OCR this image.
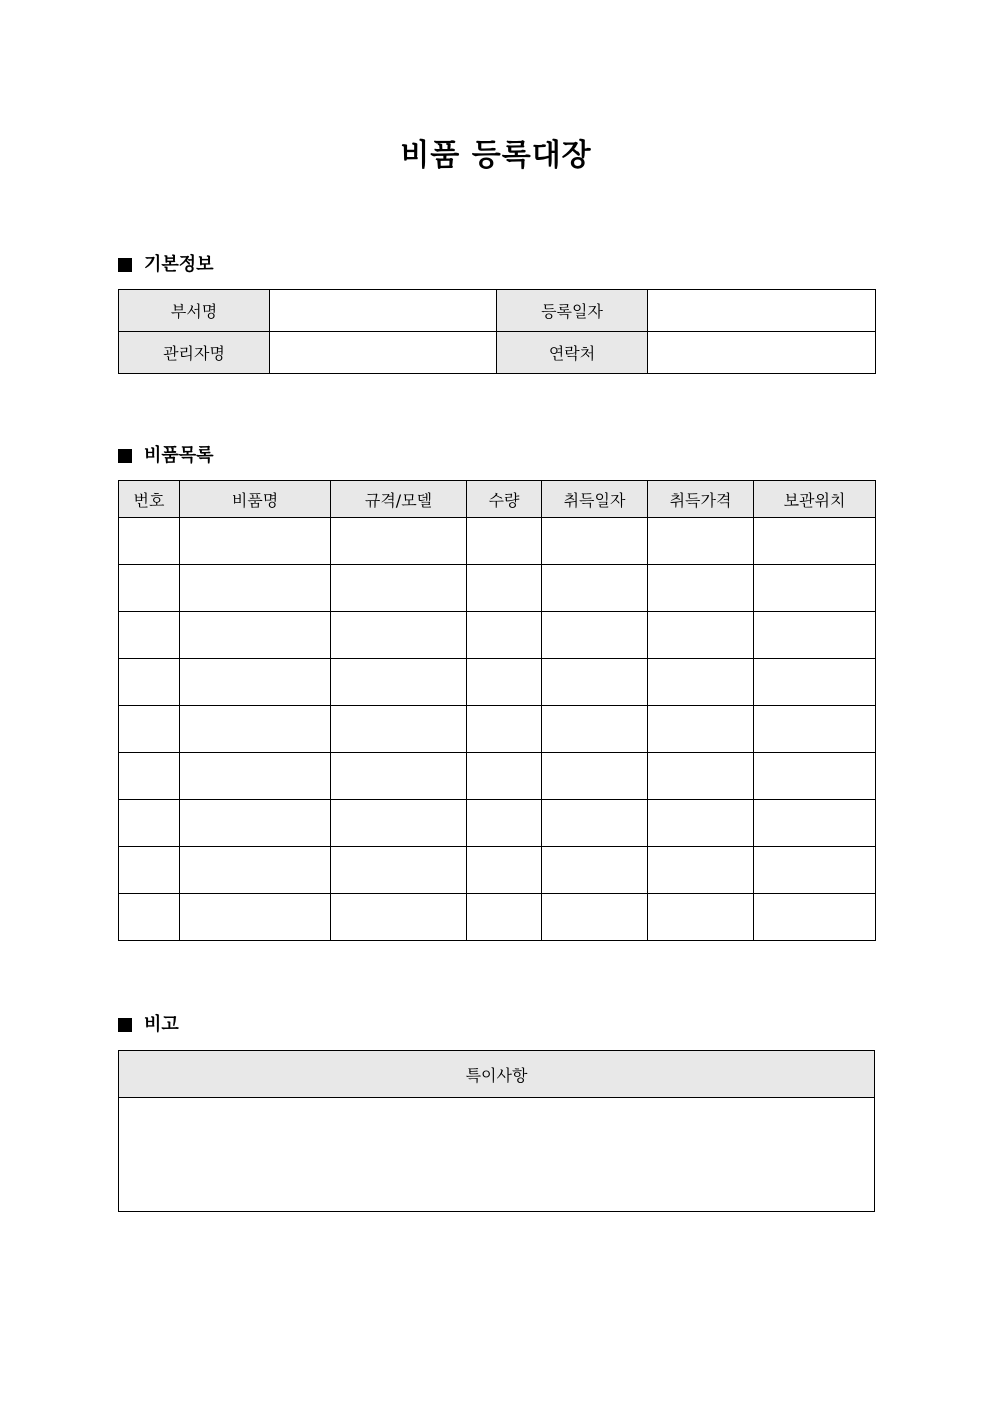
비품 등록대장
기본정보
부서명		등록일자	
관리자명		연락처	
비품목록
번호	비품명	규격/모델	수량	취득일자	취득가격	보관위치

비고
특이사항
